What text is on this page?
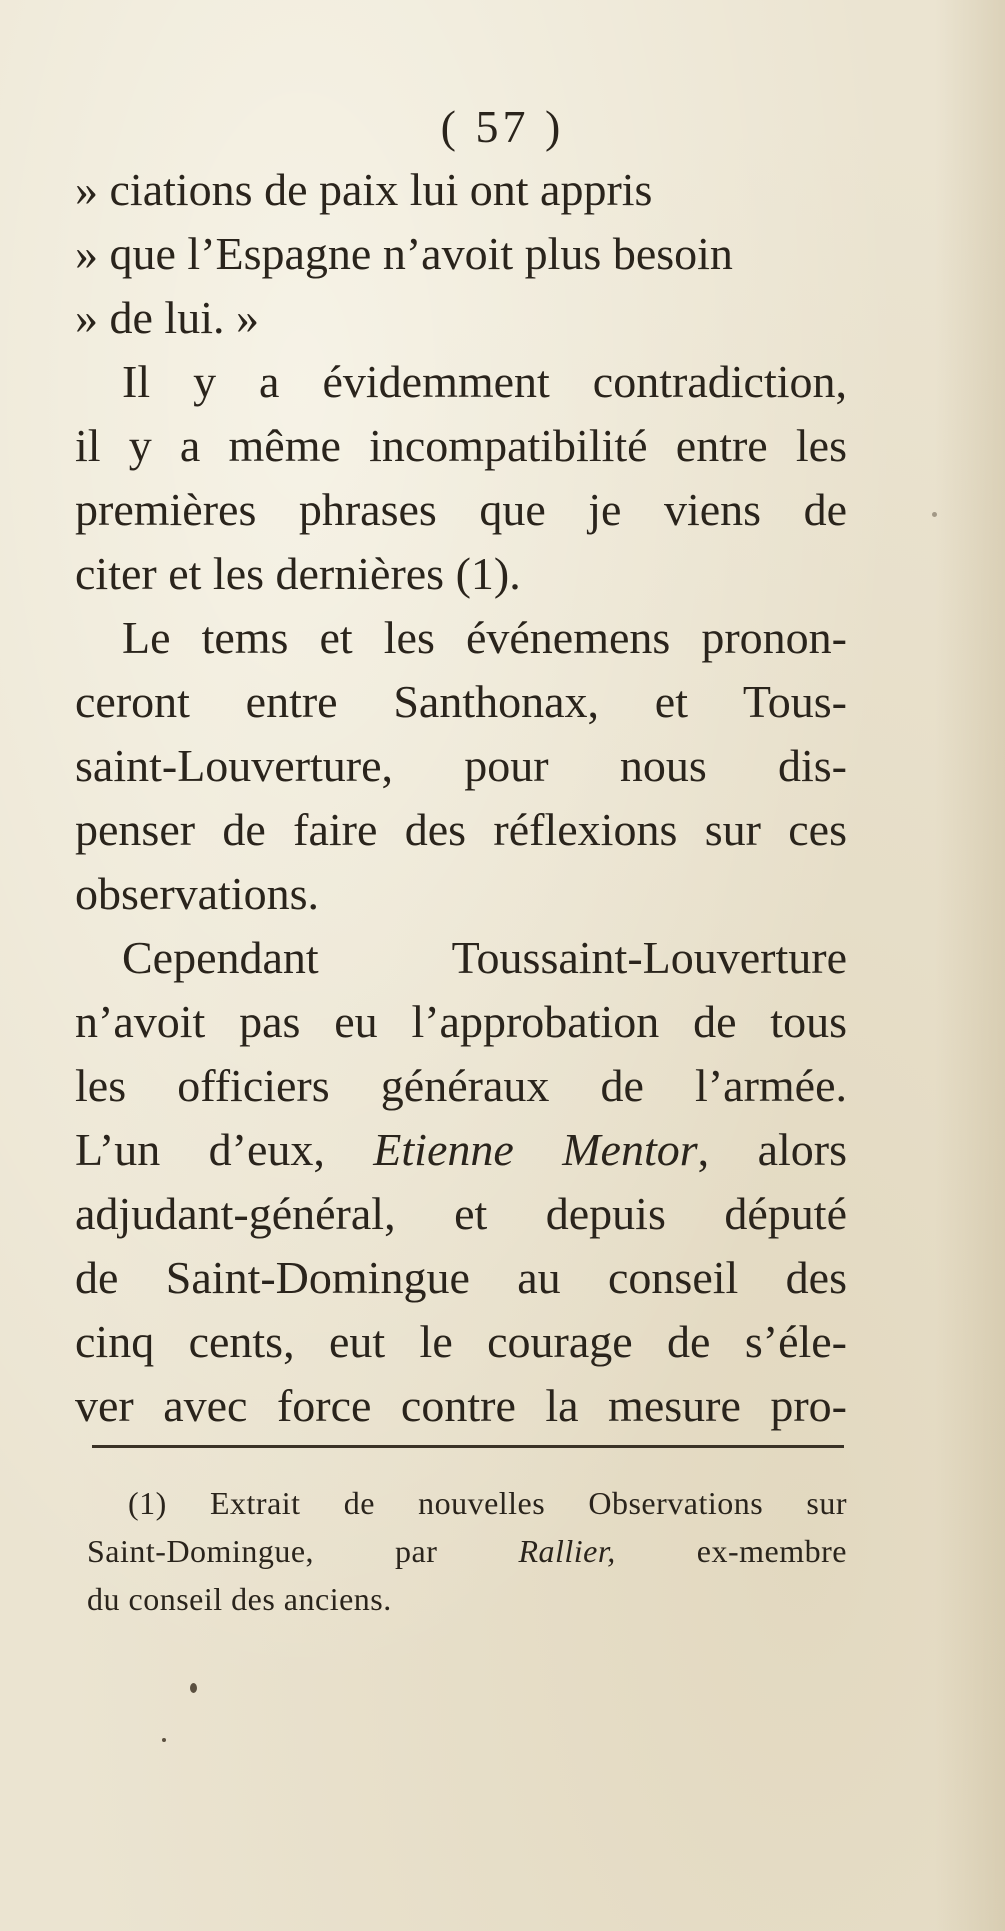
( 57 )
» ciations de paix lui ont appris
» que l’Espagne n’avoit plus besoin
» de lui. »
Il y a évidemment contradiction,
il y a même incompatibilité entre les
premières phrases que je viens de
citer et les dernières (1).
Le tems et les événemens pronon-
ceront entre Santhonax, et Tous-
saint-Louverture, pour nous dis-
penser de faire des réflexions sur ces
observations.
Cependant Toussaint-Louverture
n’avoit pas eu l’approbation de tous
les officiers généraux de l’armée.
L’un d’eux, Etienne Mentor, alors
adjudant-général, et depuis député
de Saint-Domingue au conseil des
cinq cents, eut le courage de s’éle-
ver avec force contre la mesure pro-
(1) Extrait de nouvelles Observations sur
Saint-Domingue, par Rallier, ex-membre
du conseil des anciens.
